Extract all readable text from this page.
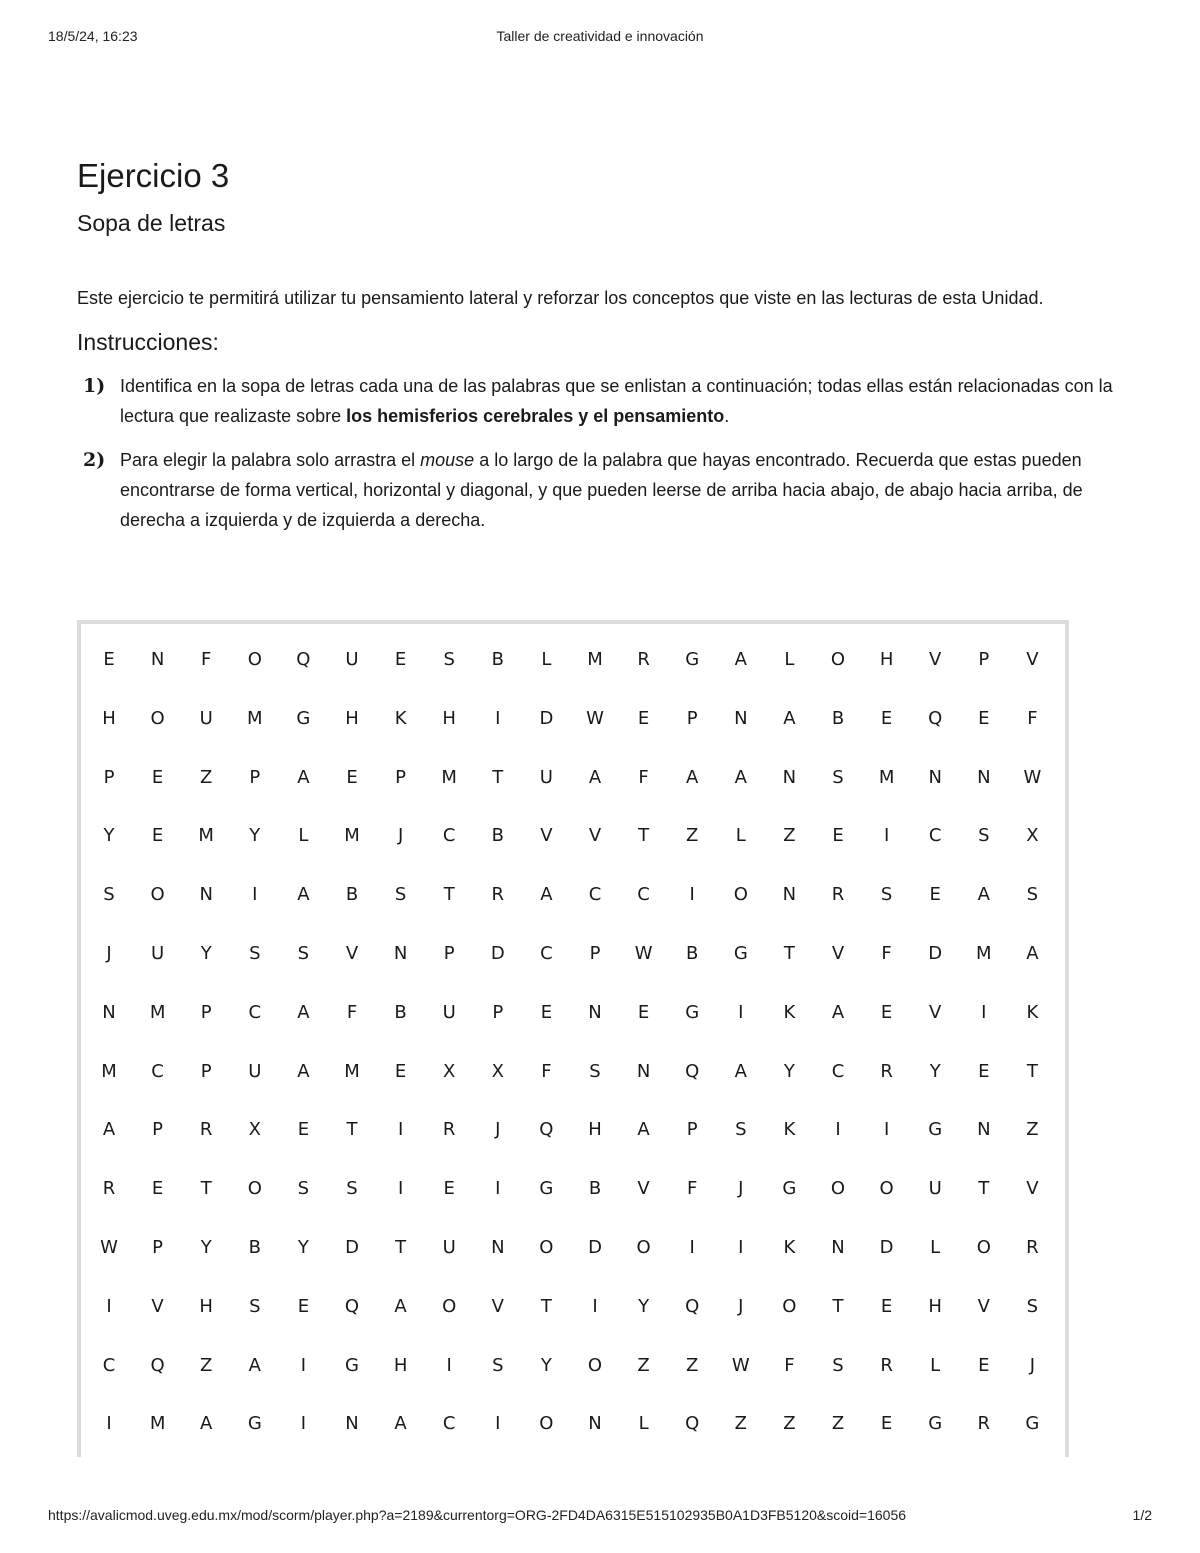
18/5/24, 16:23	Taller de creatividad e innovación
Ejercicio 3
Sopa de letras

Este ejercicio te permitirá utilizar tu pensamiento lateral y reforzar los conceptos que viste en las lecturas de esta Unidad.

Instrucciones:
1) Identifica en la sopa de letras cada una de las palabras que se enlistan a continuación; todas ellas están relacionadas con la lectura que realizaste sobre los hemisferios cerebrales y el pensamiento.
2) Para elegir la palabra solo arrastra el mouse a lo largo de la palabra que hayas encontrado. Recuerda que estas pueden encontrarse de forma vertical, horizontal y diagonal, y que pueden leerse de arriba hacia abajo, de abajo hacia arriba, de derecha a izquierda y de izquierda a derecha.
E	N	F	O	Q	U	E	S	B	L	M	R	G	A	L	O	H	V	P	V
H	O	U	M	G	H	K	H	I	D	W	E	P	N	A	B	E	Q	E	F
P	E	Z	P	A	E	P	M	T	U	A	F	A	A	N	S	M	N	N	W
Y	E	M	Y	L	M	J	C	B	V	V	T	Z	L	Z	E	I	C	S	X
S	O	N	I	A	B	S	T	R	A	C	C	I	O	N	R	S	E	A	S
J	U	Y	S	S	V	N	P	D	C	P	W	B	G	T	V	F	D	M	A
N	M	P	C	A	F	B	U	P	E	N	E	G	I	K	A	E	V	I	K
M	C	P	U	A	M	E	X	X	F	S	N	Q	A	Y	C	R	Y	E	T
A	P	R	X	E	T	I	R	J	Q	H	A	P	S	K	I	I	G	N	Z
R	E	T	O	S	S	I	E	I	G	B	V	F	J	G	O	O	U	T	V
W	P	Y	B	Y	D	T	U	N	O	D	O	I	I	K	N	D	L	O	R
I	V	H	S	E	Q	A	O	V	T	I	Y	Q	J	O	T	E	H	V	S
C	Q	Z	A	I	G	H	I	S	Y	O	Z	Z	W	F	S	R	L	E	J
I	M	A	G	I	N	A	C	I	O	N	L	Q	Z	Z	Z	E	G	R	G
https://avalicmod.uveg.edu.mx/mod/scorm/player.php?a=2189&currentorg=ORG-2FD4DA6315E515102935B0A1D3FB5120&scoid=16056	1/2
